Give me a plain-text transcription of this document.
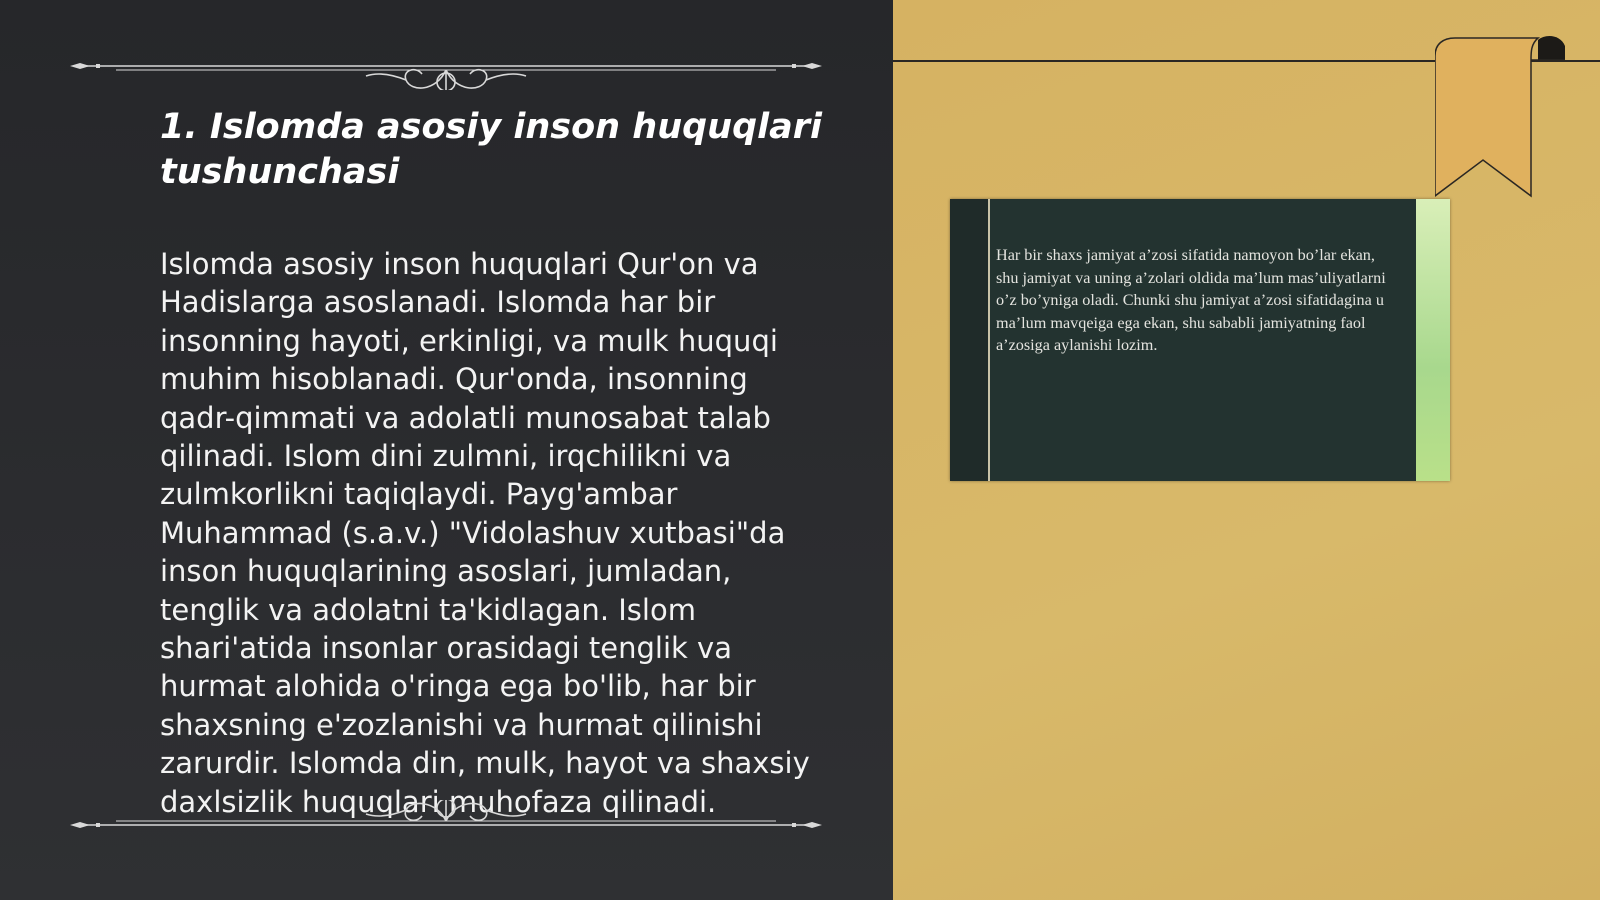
1. Islomda asosiy inson huquqlari tushunchasi

Islomda asosiy inson huquqlari Qur'on va Hadislarga asoslanadi. Islomda har bir insonning hayoti, erkinligi, va mulk huquqi muhim hisoblanadi. Qur'onda, insonning qadr-qimmati va adolatli munosabat talab qilinadi. Islom dini zulmni, irqchilikni va zulmkorlikni taqiqlaydi. Payg'ambar Muhammad (s.a.v.) "Vidolashuv xutbasi"da inson huquqlarining asoslari, jumladan, tenglik va adolatni ta'kidlagan. Islom shari'atida insonlar orasidagi tenglik va hurmat alohida o'ringa ega bo'lib, har bir shaxsning e'zozlanishi va hurmat qilinishi zarurdir. Islomda din, mulk, hayot va shaxsiy daxlsizlik huquqlari muhofaza qilinadi.

Har bir shaxs jamiyat a’zosi sifatida namoyon bo’lar ekan, shu jamiyat va uning a’zolari oldida ma’lum mas’uliyatlarni o’z bo’yniga oladi. Chunki shu jamiyat a’zosi sifatidagina u ma’lum mavqeiga ega ekan, shu sababli jamiyatning faol a’zosiga aylanishi lozim.
